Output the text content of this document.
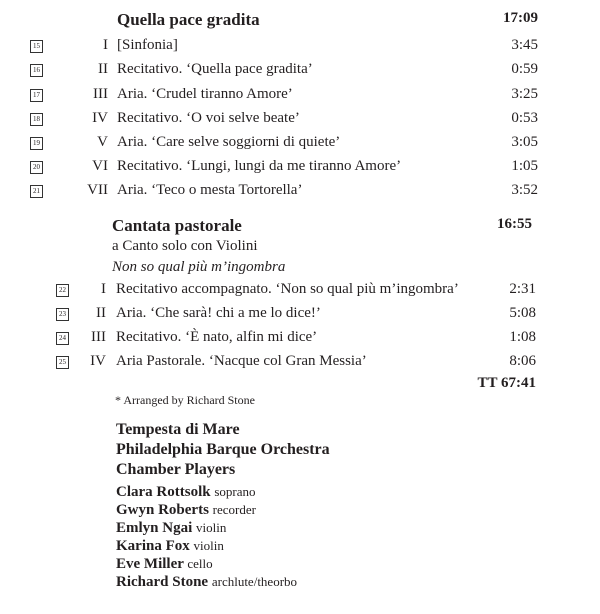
Quella pace gradita	17:09
15	I [Sinfonia]	3:45
16	II Recitativo. ‘Quella pace gradita’	0:59
17	III Aria. ‘Crudel tiranno Amore’	3:25
18	IV Recitativo. ‘O voi selve beate’	0:53
19	V Aria. ‘Care selve soggiorni di quiete’	3:05
20	VI Recitativo. ‘Lungi, lungi da me tiranno Amore’	1:05
21	VII Aria. ‘Teco o mesta Tortorella’	3:52
Cantata pastorale	16:55
a Canto solo con Violini
Non so qual più m’ingombra
22	I Recitativo accompagnato. ‘Non so qual più m’ingombra’	2:31
23	II Aria. ‘Che sarà! chi a me lo dice!’	5:08
24	III Recitativo. ‘È nato, alfin mi dice’	1:08
25	IV Aria Pastorale. ‘Nacque col Gran Messia’	8:06
TT 67:41
* Arranged by Richard Stone
Tempesta di Mare
Philadelphia Barque Orchestra
Chamber Players
Clara Rottsolk soprano
Gwyn Roberts recorder
Emlyn Ngai violin
Karina Fox violin
Eve Miller cello
Richard Stone archlute/theorbo
